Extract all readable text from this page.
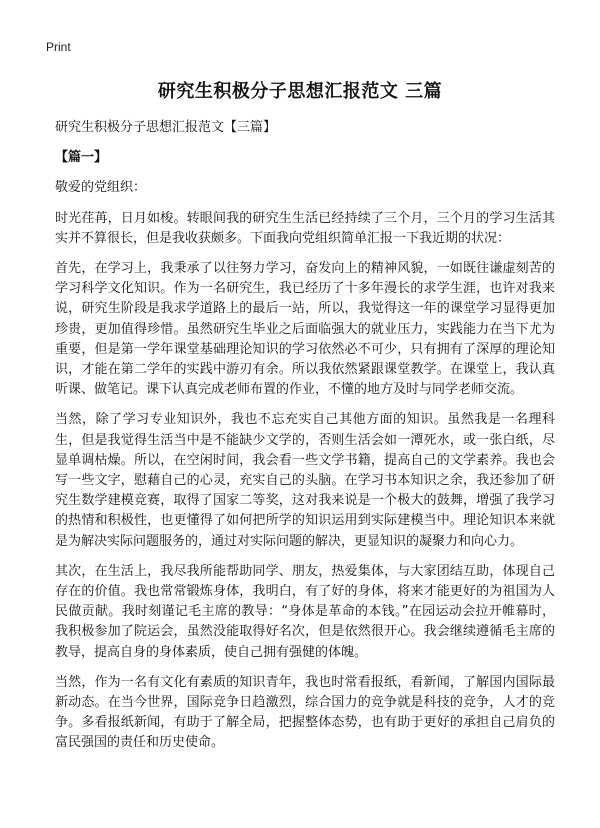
Print
研究生积极分子思想汇报范文 三篇

研究生积极分子思想汇报范文【三篇】

【篇一】

敬爱的党组织：

时光荏苒，日月如梭。转眼间我的研究生生活已经持续了三个月，三个月的学习生活其实并不算很长，但是我收获颇多。下面我向党组织简单汇报一下我近期的状况：

首先，在学习上，我秉承了以往努力学习，奋发向上的精神风貌，一如既往谦虚刻苦的学习科学文化知识。作为一名研究生，我已经历了十多年漫长的求学生涯，也许对我来说，研究生阶段是我求学道路上的最后一站，所以，我觉得这一年的课堂学习显得更加珍贵，更加值得珍惜。虽然研究生毕业之后面临强大的就业压力，实践能力在当下尤为重要，但是第一学年课堂基础理论知识的学习依然必不可少，只有拥有了深厚的理论知识，才能在第二学年的实践中游刃有余。所以我依然紧跟课堂教学。在课堂上，我认真听课、做笔记。课下认真完成老师布置的作业，不懂的地方及时与同学老师交流。

当然，除了学习专业知识外，我也不忘充实自己其他方面的知识。虽然我是一名理科生，但是我觉得生活当中是不能缺少文学的，否则生活会如一潭死水，或一张白纸，尽显单调枯燥。所以，在空闲时间，我会看一些文学书籍，提高自己的文学素养。我也会写一些文字，慰藉自己的心灵，充实自己的头脑。在学习书本知识之余，我还参加了研究生数学建模竞赛，取得了国家二等奖，这对我来说是一个极大的鼓舞，增强了我学习的热情和积极性，也更懂得了如何把所学的知识运用到实际建模当中。理论知识本来就是为解决实际问题服务的，通过对实际问题的解决，更显知识的凝聚力和向心力。

其次，在生活上，我尽我所能帮助同学、朋友，热爱集体，与大家团结互助，体现自己存在的价值。我也常常锻炼身体，我明白，有了好的身体，将来才能更好的为祖国为人民做贡献。我时刻谨记毛主席的教导：“身体是革命的本钱。”在园运动会拉开帷幕时，我积极参加了院运会，虽然没能取得好名次，但是依然很开心。我会继续遵循毛主席的教导，提高自身的身体素质，使自己拥有强健的体魄。

当然，作为一名有文化有素质的知识青年，我也时常看报纸，看新闻，了解国内国际最新动态。在当今世界，国际竞争日趋激烈，综合国力的竞争就是科技的竞争，人才的竞争。多看报纸新闻，有助于了解全局，把握整体态势，也有助于更好的承担自己肩负的富民强国的责任和历史使命。
